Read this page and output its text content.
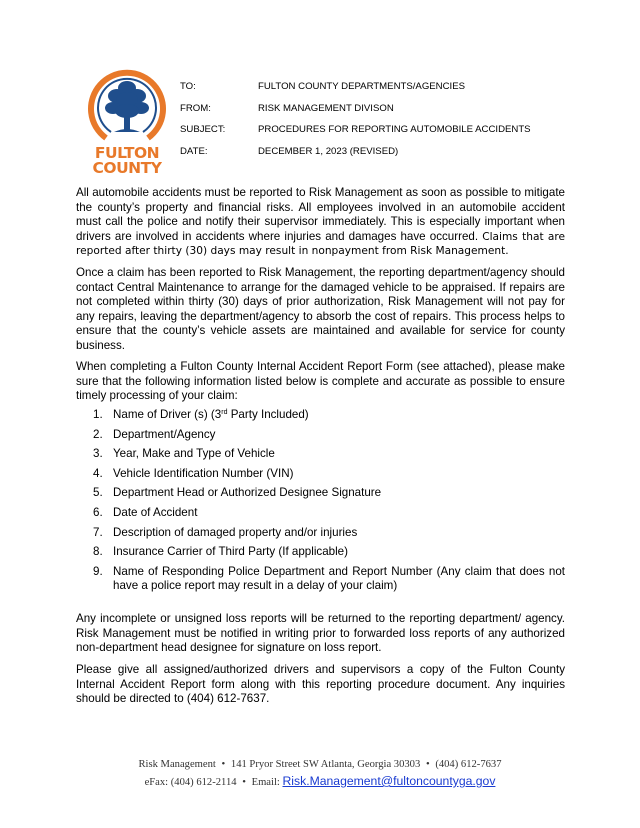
FULTON
COUNTY
TO:	FULTON COUNTY DEPARTMENTS/AGENCIES
FROM:	RISK MANAGEMENT DIVISON
SUBJECT:	PROCEDURES FOR REPORTING AUTOMOBILE ACCIDENTS
DATE:	DECEMBER 1, 2023 (REVISED)

All automobile accidents must be reported to Risk Management as soon as possible to mitigate the county’s property and financial risks. All employees involved in an automobile accident must call the police and notify their supervisor immediately. This is especially important when drivers are involved in accidents where injuries and damages have occurred. Claims that are reported after thirty (30) days may result in nonpayment from Risk Management.

Once a claim has been reported to Risk Management, the reporting department/agency should contact Central Maintenance to arrange for the damaged vehicle to be appraised. If repairs are not completed within thirty (30) days of prior authorization, Risk Management will not pay for any repairs, leaving the department/agency to absorb the cost of repairs. This process helps to ensure that the county’s vehicle assets are maintained and available for service for county business.

When completing a Fulton County Internal Accident Report Form (see attached), please make sure that the following information listed below is complete and accurate as possible to ensure timely processing of your claim:

1. Name of Driver (s) (3rd Party Included)
2. Department/Agency
3. Year, Make and Type of Vehicle
4. Vehicle Identification Number (VIN)
5. Department Head or Authorized Designee Signature
6. Date of Accident
7. Description of damaged property and/or injuries
8. Insurance Carrier of Third Party (If applicable)
9. Name of Responding Police Department and Report Number (Any claim that does not have a police report may result in a delay of your claim)

Any incomplete or unsigned loss reports will be returned to the reporting department/ agency. Risk Management must be notified in writing prior to forwarded loss reports of any authorized non-department head designee for signature on loss report.

Please give all assigned/authorized drivers and supervisors a copy of the Fulton County Internal Accident Report form along with this reporting procedure document. Any inquiries should be directed to (404) 612-7637.

Risk Management • 141 Pryor Street SW Atlanta, Georgia 30303 • (404) 612-7637
eFax: (404) 612-2114 • Email: Risk.Management@fultoncountyga.gov
